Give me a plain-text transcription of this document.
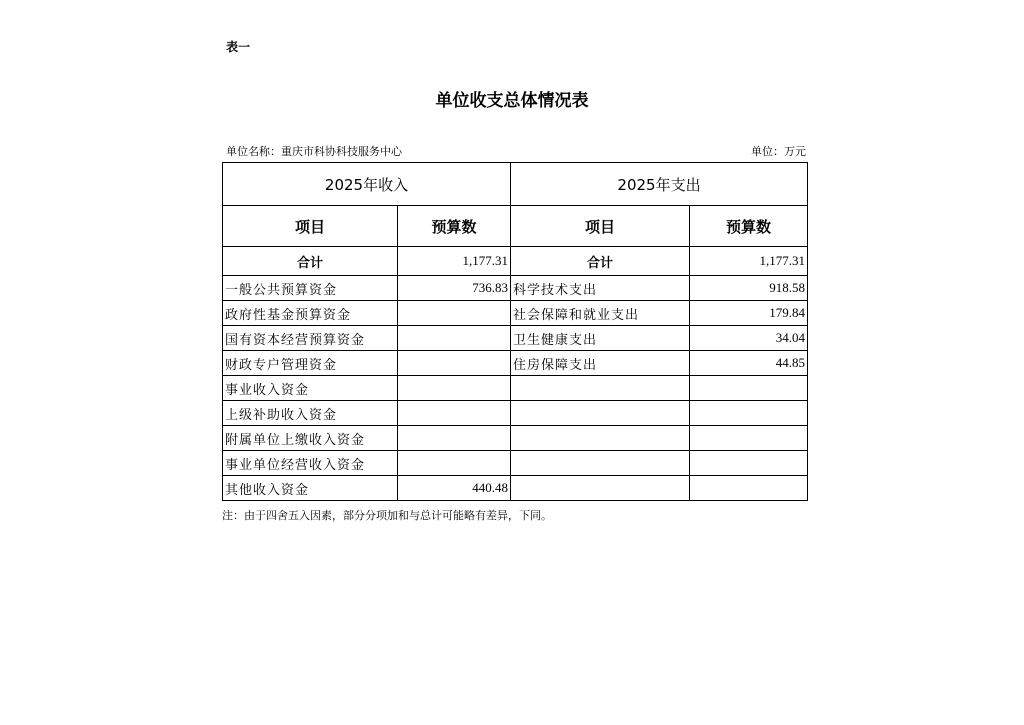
表一
单位收支总体情况表
单位名称：重庆市科协科技服务中心	单位：万元
2025年收入		2025年支出	
项目	预算数	项目	预算数
合计	1,177.31	合计	1,177.31
一般公共预算资金	736.83	科学技术支出	918.58
政府性基金预算资金		社会保障和就业支出	179.84
国有资本经营预算资金		卫生健康支出	34.04
财政专户管理资金		住房保障支出	44.85
事业收入资金			
上级补助收入资金			
附属单位上缴收入资金			
事业单位经营收入资金			
其他收入资金	440.48		
注：由于四舍五入因素，部分分项加和与总计可能略有差异，下同。
